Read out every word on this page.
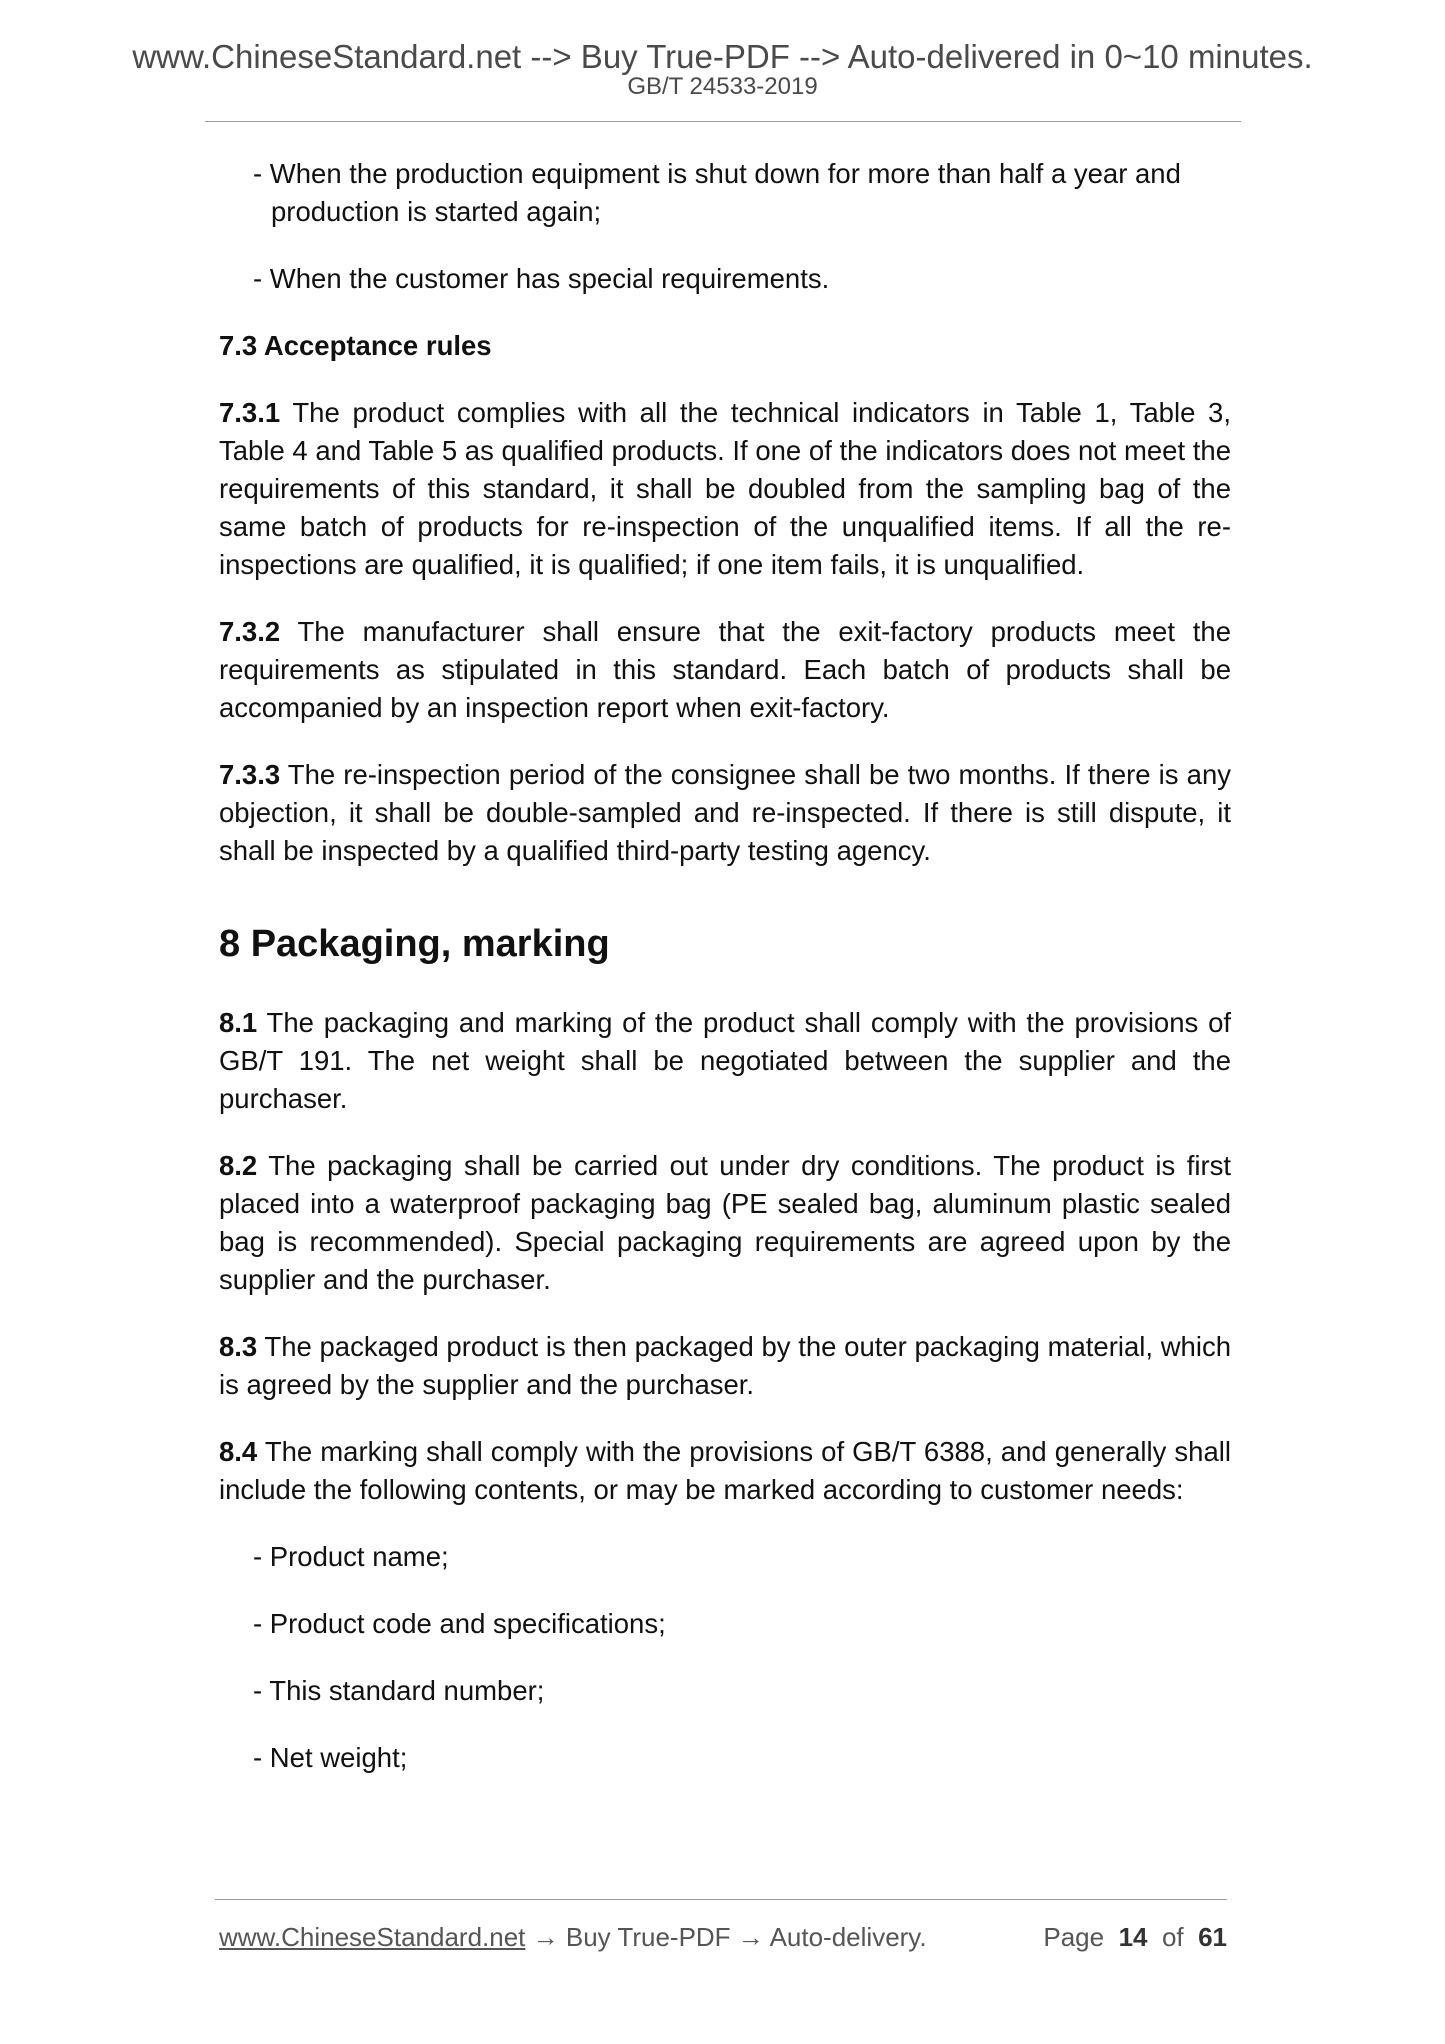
www.ChineseStandard.net --> Buy True-PDF --> Auto-delivered in 0~10 minutes.
GB/T 24533-2019
- When the production equipment is shut down for more than half a year and production is started again;
- When the customer has special requirements.
7.3 Acceptance rules
7.3.1 The product complies with all the technical indicators in Table 1, Table 3, Table 4 and Table 5 as qualified products. If one of the indicators does not meet the requirements of this standard, it shall be doubled from the sampling bag of the same batch of products for re-inspection of the unqualified items. If all the re-inspections are qualified, it is qualified; if one item fails, it is unqualified.
7.3.2 The manufacturer shall ensure that the exit-factory products meet the requirements as stipulated in this standard. Each batch of products shall be accompanied by an inspection report when exit-factory.
7.3.3 The re-inspection period of the consignee shall be two months. If there is any objection, it shall be double-sampled and re-inspected. If there is still dispute, it shall be inspected by a qualified third-party testing agency.
8 Packaging, marking
8.1 The packaging and marking of the product shall comply with the provisions of GB/T 191. The net weight shall be negotiated between the supplier and the purchaser.
8.2 The packaging shall be carried out under dry conditions. The product is first placed into a waterproof packaging bag (PE sealed bag, aluminum plastic sealed bag is recommended). Special packaging requirements are agreed upon by the supplier and the purchaser.
8.3 The packaged product is then packaged by the outer packaging material, which is agreed by the supplier and the purchaser.
8.4 The marking shall comply with the provisions of GB/T 6388, and generally shall include the following contents, or may be marked according to customer needs:
- Product name;
- Product code and specifications;
- This standard number;
- Net weight;
www.ChineseStandard.net → Buy True-PDF → Auto-delivery.	Page 14 of 61
